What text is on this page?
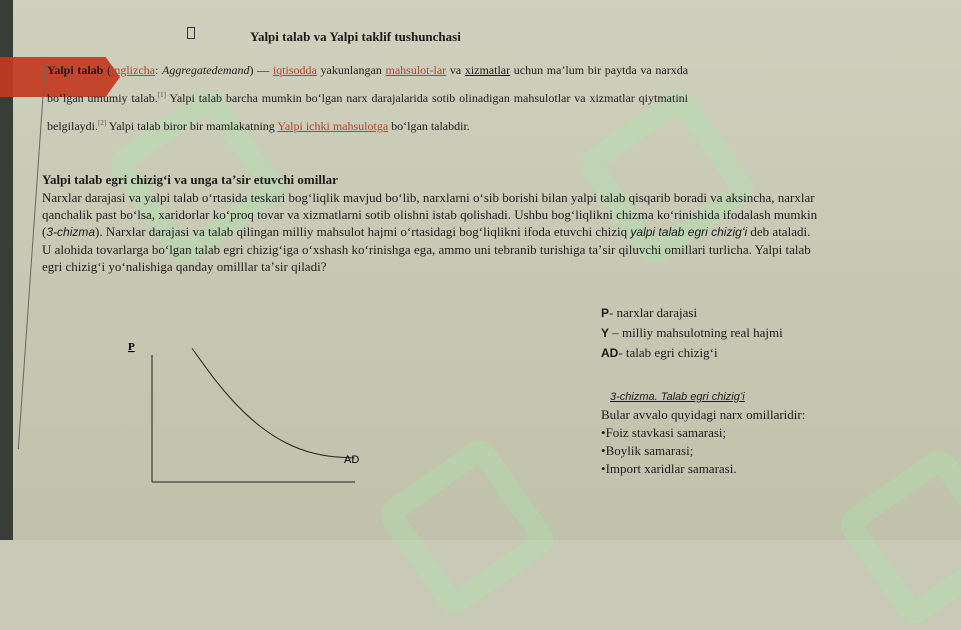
Yalpi talab va Yalpi taklif tushunchasi
Yalpi talab (inglizcha: Aggregatedemand) — iqtisodda yakunlangan mahsulot-lar va xizmatlar uchun ma’lum bir paytda va narxda bo‘lgan umumiy talab.[1] Yalpi talab barcha mumkin bo‘lgan narx darajalarida sotib olinadigan mahsulotlar va xizmatlar qiytmatini belgilaydi.[2] Yalpi talab biror bir mamlakatning Yalpi ichki mahsulotga bo‘lgan talabdir.
Yalpi talab egri chizigʻi va unga taʼsir etuvchi omillar
Narxlar darajasi va yalpi talab oʻrtasida teskari bogʻliqlik mavjud boʻlib, narxlarni oʻsib borishi bilan yalpi talab qisqarib boradi va aksincha, narxlar qanchalik past boʻlsa, xaridorlar koʻproq tovar va xizmatlarni sotib olishni istab qolishadi. Ushbu bogʻliqlikni chizma koʻrinishida ifodalash mumkin (3-chizma). Narxlar darajasi va talab qilingan milliy mahsulot hajmi oʻrtasidagi bogʻliqlikni ifoda etuvchi chiziq yalpi talab egri chizigʻi deb ataladi. U alohida tovarlarga boʻlgan talab egri chizigʻiga oʻxshash koʻrinishga ega, ammo uni tebranib turishiga taʼsir qiluvchi omillari turlicha. Yalpi talab egri chizigʻi yoʻnalishiga qanday omilllar taʼsir qiladi?
P
AD
P- narxlar darajasi
Y – milliy mahsulotning real hajmi
AD- talab egri chizigʻi
3-chizma. Talab egri chizigʻi
Bular avvalo quyidagi narx omillaridir:
• Foiz stavkasi samarasi;
• Boylik samarasi;
• Import xaridlar samarasi.
